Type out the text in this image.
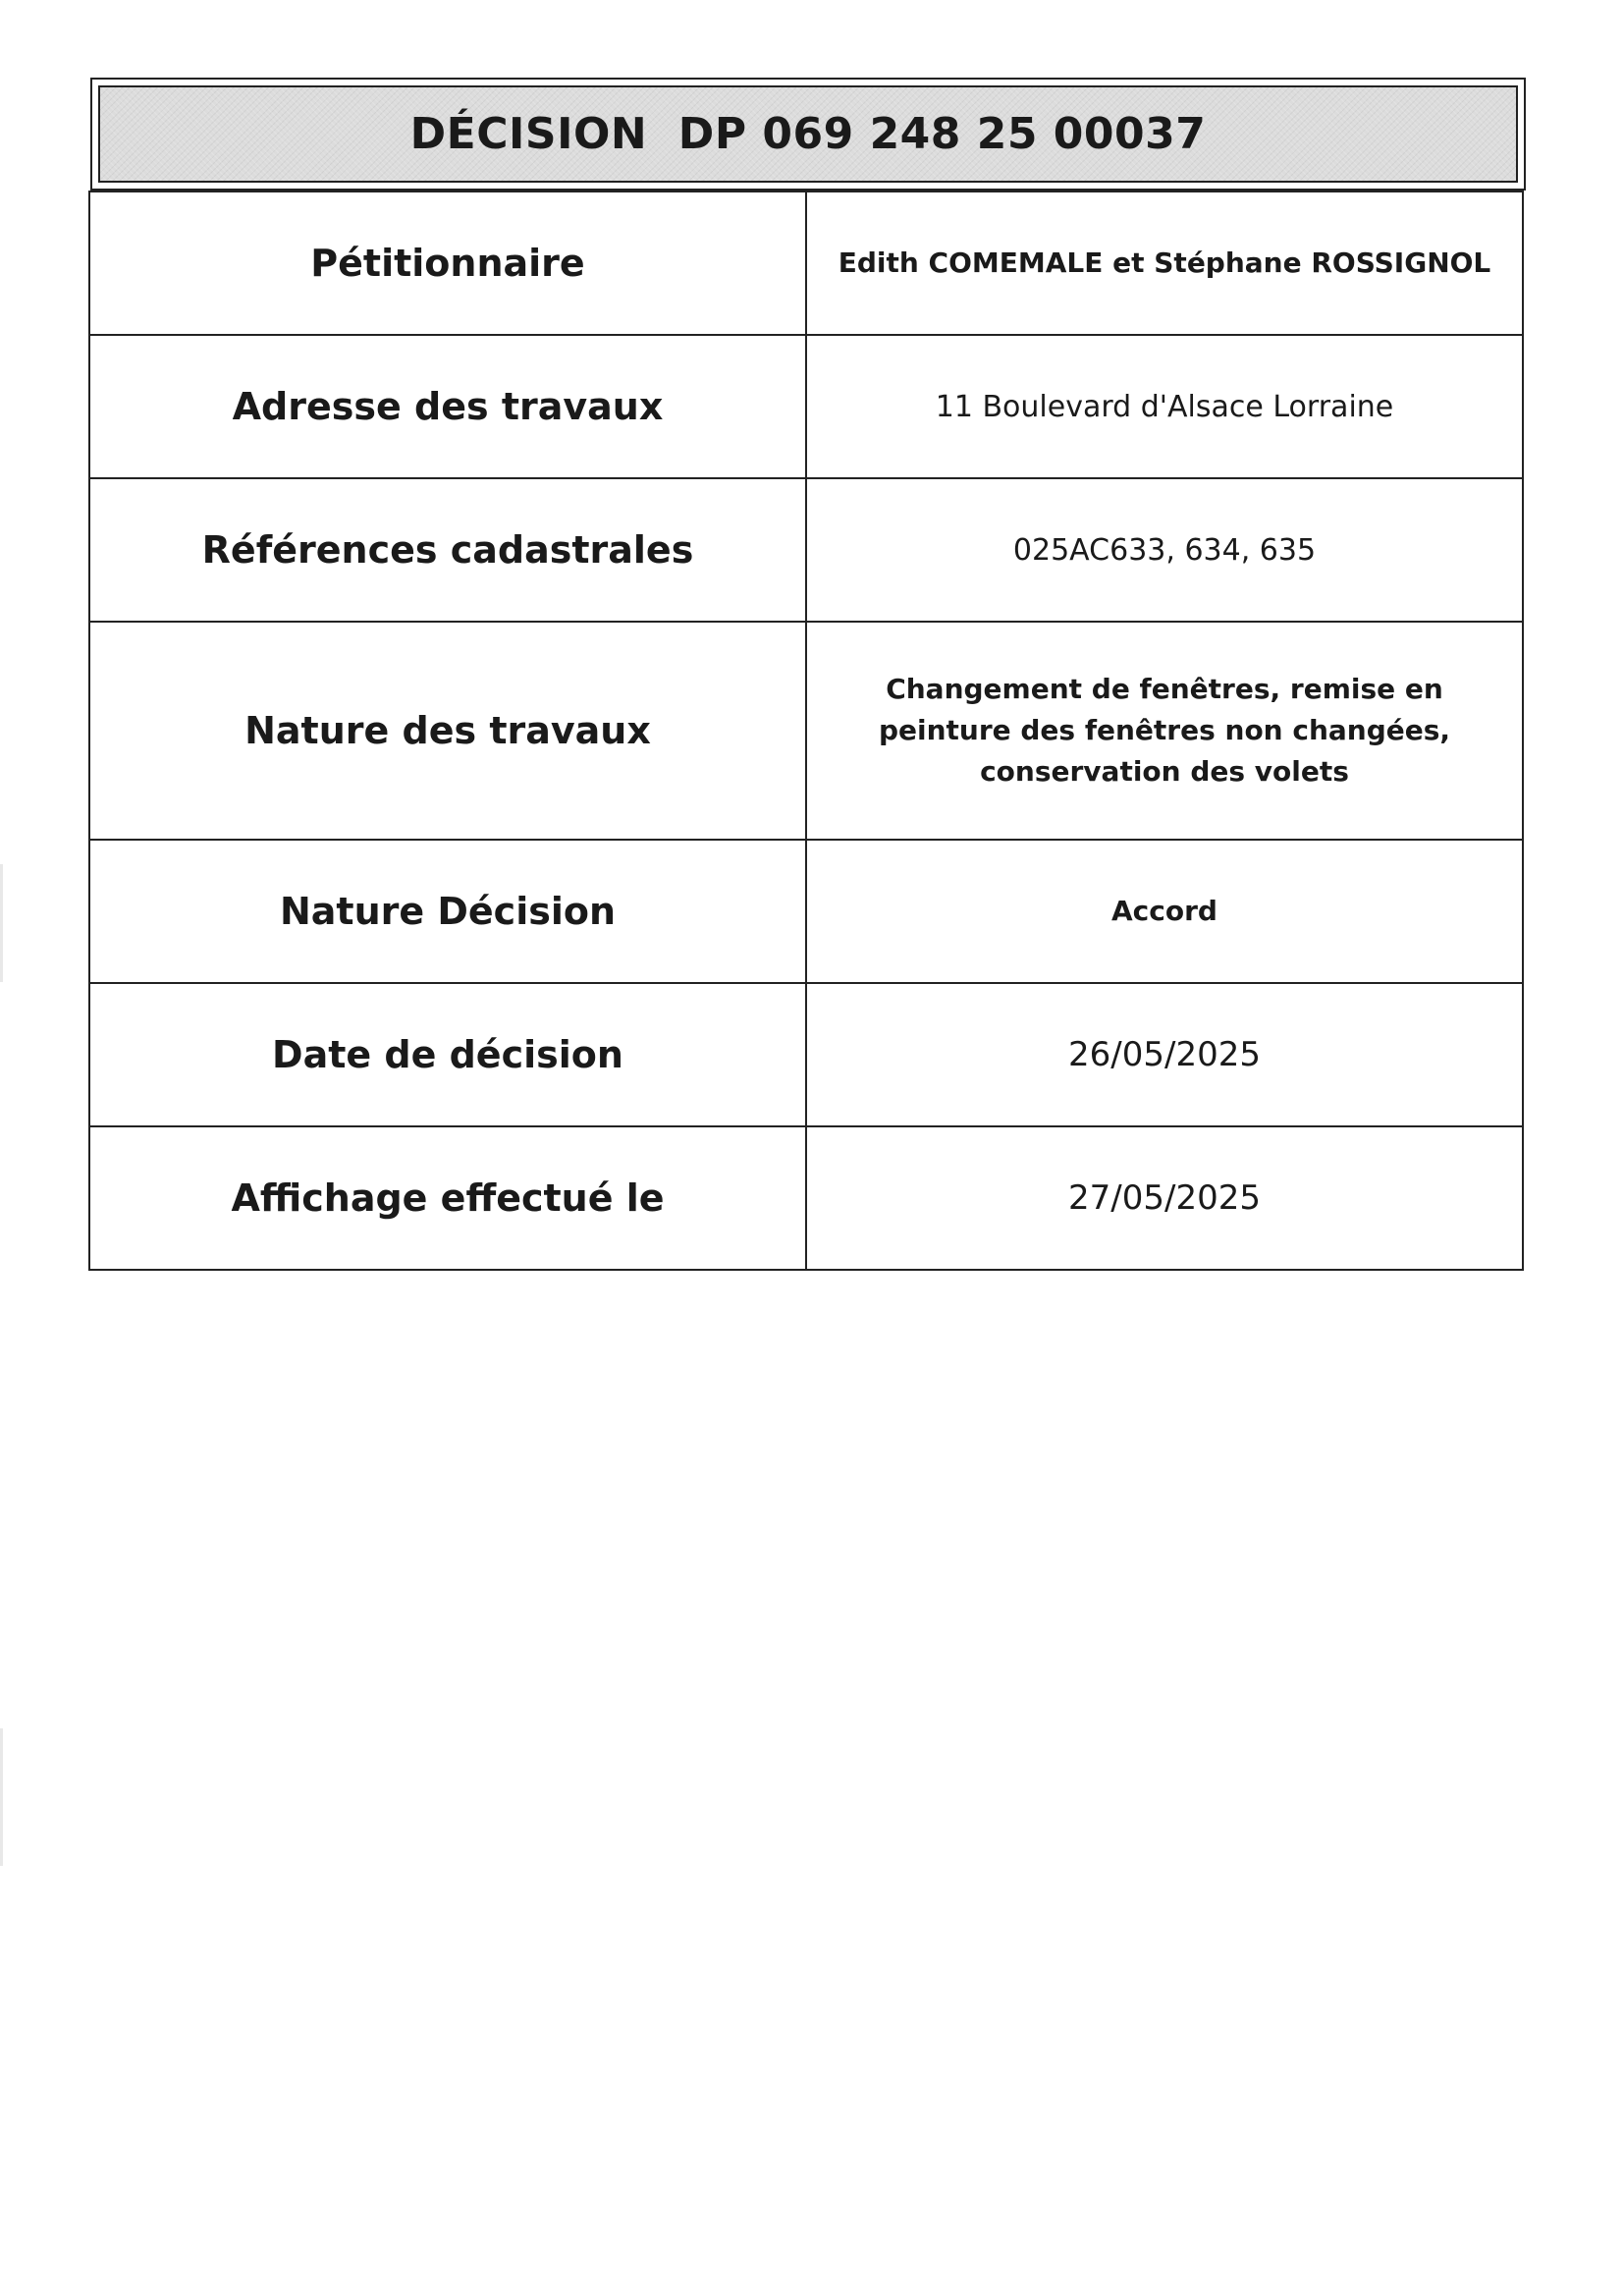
DÉCISION  DP 069 248 25 00037
Pétitionnaire	Edith COMEMALE et Stéphane ROSSIGNOL
Adresse des travaux	11 Boulevard d'Alsace Lorraine
Références cadastrales	025AC633, 634, 635
Nature des travaux	Changement de fenêtres, remise en peinture des fenêtres non changées, conservation des volets
Nature Décision	Accord
Date de décision	26/05/2025
Affichage effectué le	27/05/2025
